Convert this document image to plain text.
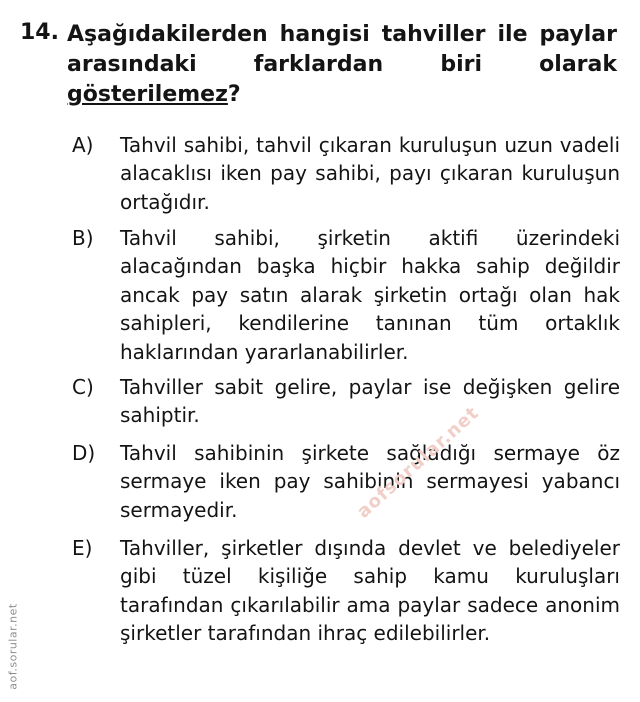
14. Aşağıdakilerden hangisi tahviller ile paylar arasındaki farklardan biri olarak gösterilemez?
A)	Tahvil sahibi, tahvil çıkaran kuruluşun uzun vadeli alacaklısı iken pay sahibi, payı çıkaran kuruluşun ortağıdır.
B)	Tahvil sahibi, şirketin aktifi üzerindeki alacağından başka hiçbir hakka sahip değildir ancak pay satın alarak şirketin ortağı olan hak sahipleri, kendilerine tanınan tüm ortaklık haklarından yararlanabilirler.
C)	Tahviller sabit gelire, paylar ise değişken gelire sahiptir.
D)	Tahvil sahibinin şirkete sağladığı sermaye öz sermaye iken pay sahibinin sermayesi yabancı sermayedir.
E)	Tahviller, şirketler dışında devlet ve belediyeler gibi tüzel kişiliğe sahip kamu kuruluşları tarafından çıkarılabilir ama paylar sadece anonim şirketler tarafından ihraç edilebilirler.
aofsorular.net
aof.sorular.net
